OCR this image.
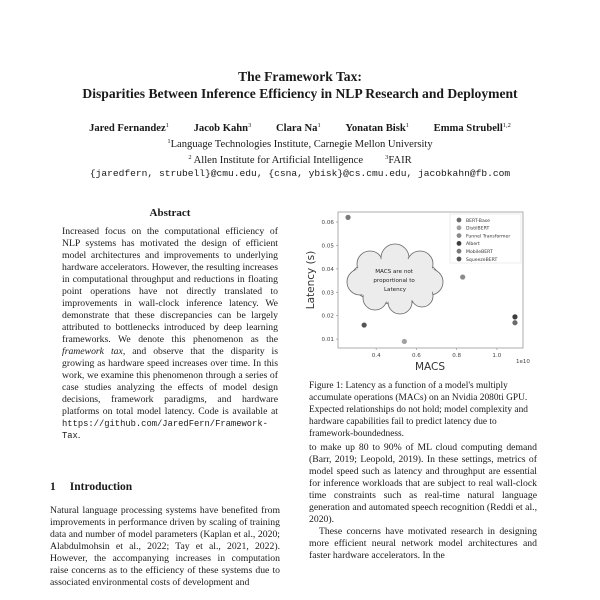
The Framework Tax:
Disparities Between Inference Efficiency in NLP Research and Deployment
Jared Fernandez$^1$ Jacob Kahn$^3$ Clara Na$^1$ Yonatan Bisk$^1$ Emma Strubell$^{1,2}$
$^1$Language Technologies Institute, Carnegie Mellon University
$^2$ Allen Institute for Artificial Intelligence	$^3$FAIR
{jaredfern, strubell}@cmu.edu, {csna, ybisk}@cs.cmu.edu, jacobkahn@fb.com
Abstract

Increased focus on the computational efficiency of NLP systems has motivated the design of efficient model architectures and improvements to underlying hardware accelerators. However, the resulting increases in computational throughput and reductions in floating point operations have not directly translated to improvements in wall-clock inference latency. We demonstrate that these discrepancies can be largely attributed to bottlenecks introduced by deep learning frameworks. We denote this phenomenon as the framework tax, and observe that the disparity is growing as hardware speed increases over time. In this work, we examine this phenomenon through a series of case studies analyzing the effects of model design decisions, framework paradigms, and hardware platforms on total model latency. Code is available at https://github.com/JaredFern/Framework-Tax.

1 Introduction

Natural language processing systems have benefited from improvements in performance driven by scaling of training data and number of model parameters (Kaplan et al., 2020; Alabdulmohsin et al., 2022; Tay et al., 2021, 2022). However, the accompanying increases in computation raise concerns as to the efficiency of these systems due to associated environmental costs of development and

0.01
0.02
0.03
0.04
0.05
0.06
0.4	0.6	0.8	1.0
Latency (s)
MACS	1e10
MACS are not proportional to Latency
BERT-Base
DistilBERT
Funnel Transformer
Albert
MobileBERT
SqueezeBERT
Figure 1: Latency as a function of a model's multiply accumulate operations (MACs) on an Nvidia 2080ti GPU. Expected relationships do not hold; model complexity and hardware capabilities fail to predict latency due to framework-boundedness.

to make up 80 to 90% of ML cloud computing demand (Barr, 2019; Leopold, 2019). In these settings, metrics of model speed such as latency and throughput are essential for inference workloads that are subject to real wall-clock time constraints such as real-time natural language generation and automated speech recognition (Reddi et al., 2020).

These concerns have motivated research in designing more efficient neural network model architectures and faster hardware accelerators. In the
